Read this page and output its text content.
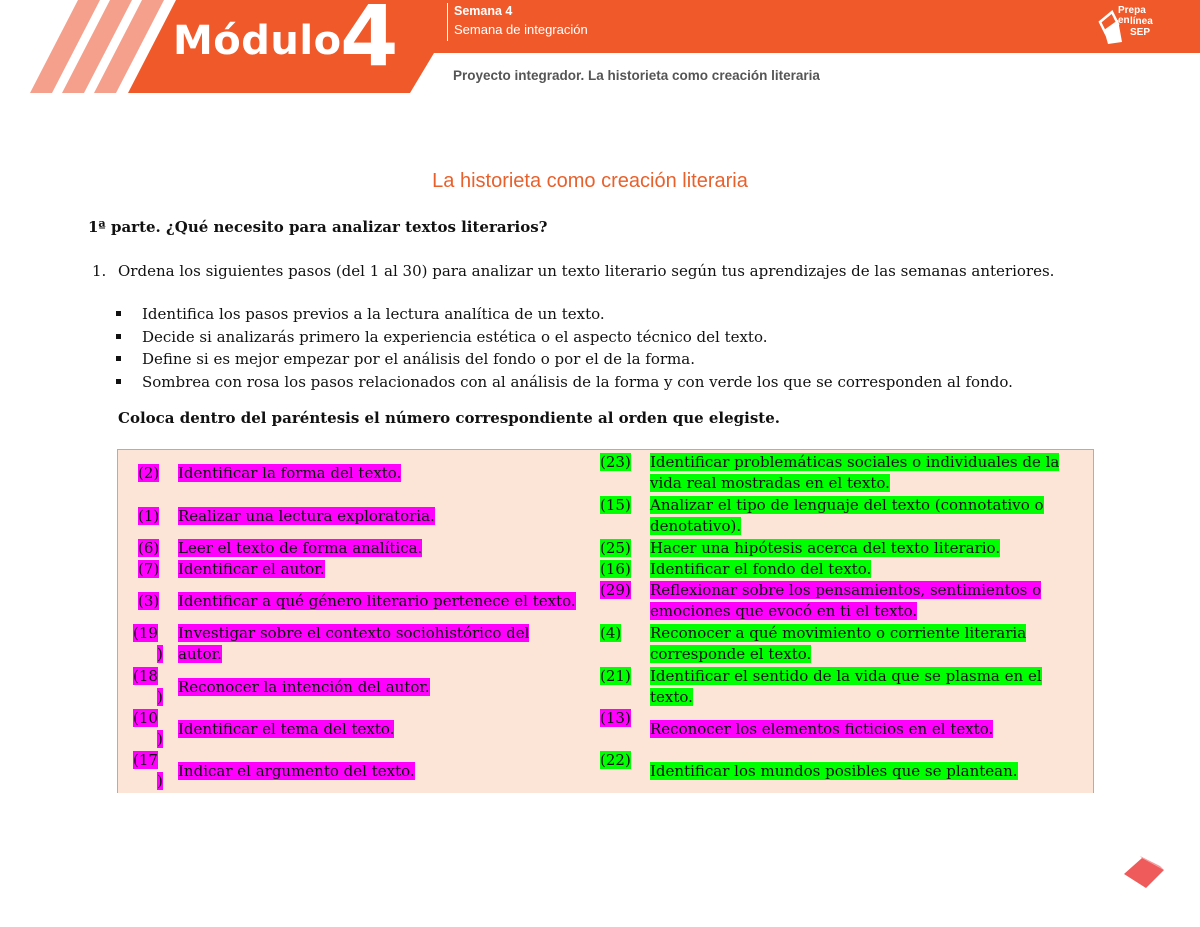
Módulo
4	Semana 4
Semana de integración
Proyecto integrador. La historieta como creación literaria
Prepa en línea
SEP
La historieta como creación literaria
1ª parte. ¿Qué necesito para analizar textos literarios?
1. Ordena los siguientes pasos (del 1 al 30) para analizar un texto literario según tus aprendizajes de las semanas anteriores.
Identifica los pasos previos a la lectura analítica de un texto.
Decide si analizarás primero la experiencia estética o el aspecto técnico del texto.
Define si es mejor empezar por el análisis del fondo o por el de la forma.
Sombrea con rosa los pasos relacionados con al análisis de la forma y con verde los que se corresponden al fondo.
Coloca dentro del paréntesis el número correspondiente al orden que elegiste.
(2) Identificar la forma del texto.
(1) Realizar una lectura exploratoria.
(6) Leer el texto de forma analítica.
(7) Identificar el autor.
(3) Identificar a qué género literario pertenece el texto.
(19
)
Investigar sobre el contexto sociohistórico del
autor.
(18
)
Reconocer la intención del autor.
(10
)
Identificar el tema del texto.
(17
)
Indicar el argumento del texto.
(23) Identificar problemáticas sociales o individuales de la
vida real mostradas en el texto.
(15) Analizar el tipo de lenguaje del texto (connotativo o
denotativo).
(25) Hacer una hipótesis acerca del texto literario.
(16) Identificar el fondo del texto.
(29) Reflexionar sobre los pensamientos, sentimientos o
emociones que evocó en ti el texto.
(4) Reconocer a qué movimiento o corriente literaria
corresponde el texto.
(21) Identificar el sentido de la vida que se plasma en el
texto.
(13)
Reconocer los elementos ficticios en el texto.
(22)
Identificar los mundos posibles que se plantean.
